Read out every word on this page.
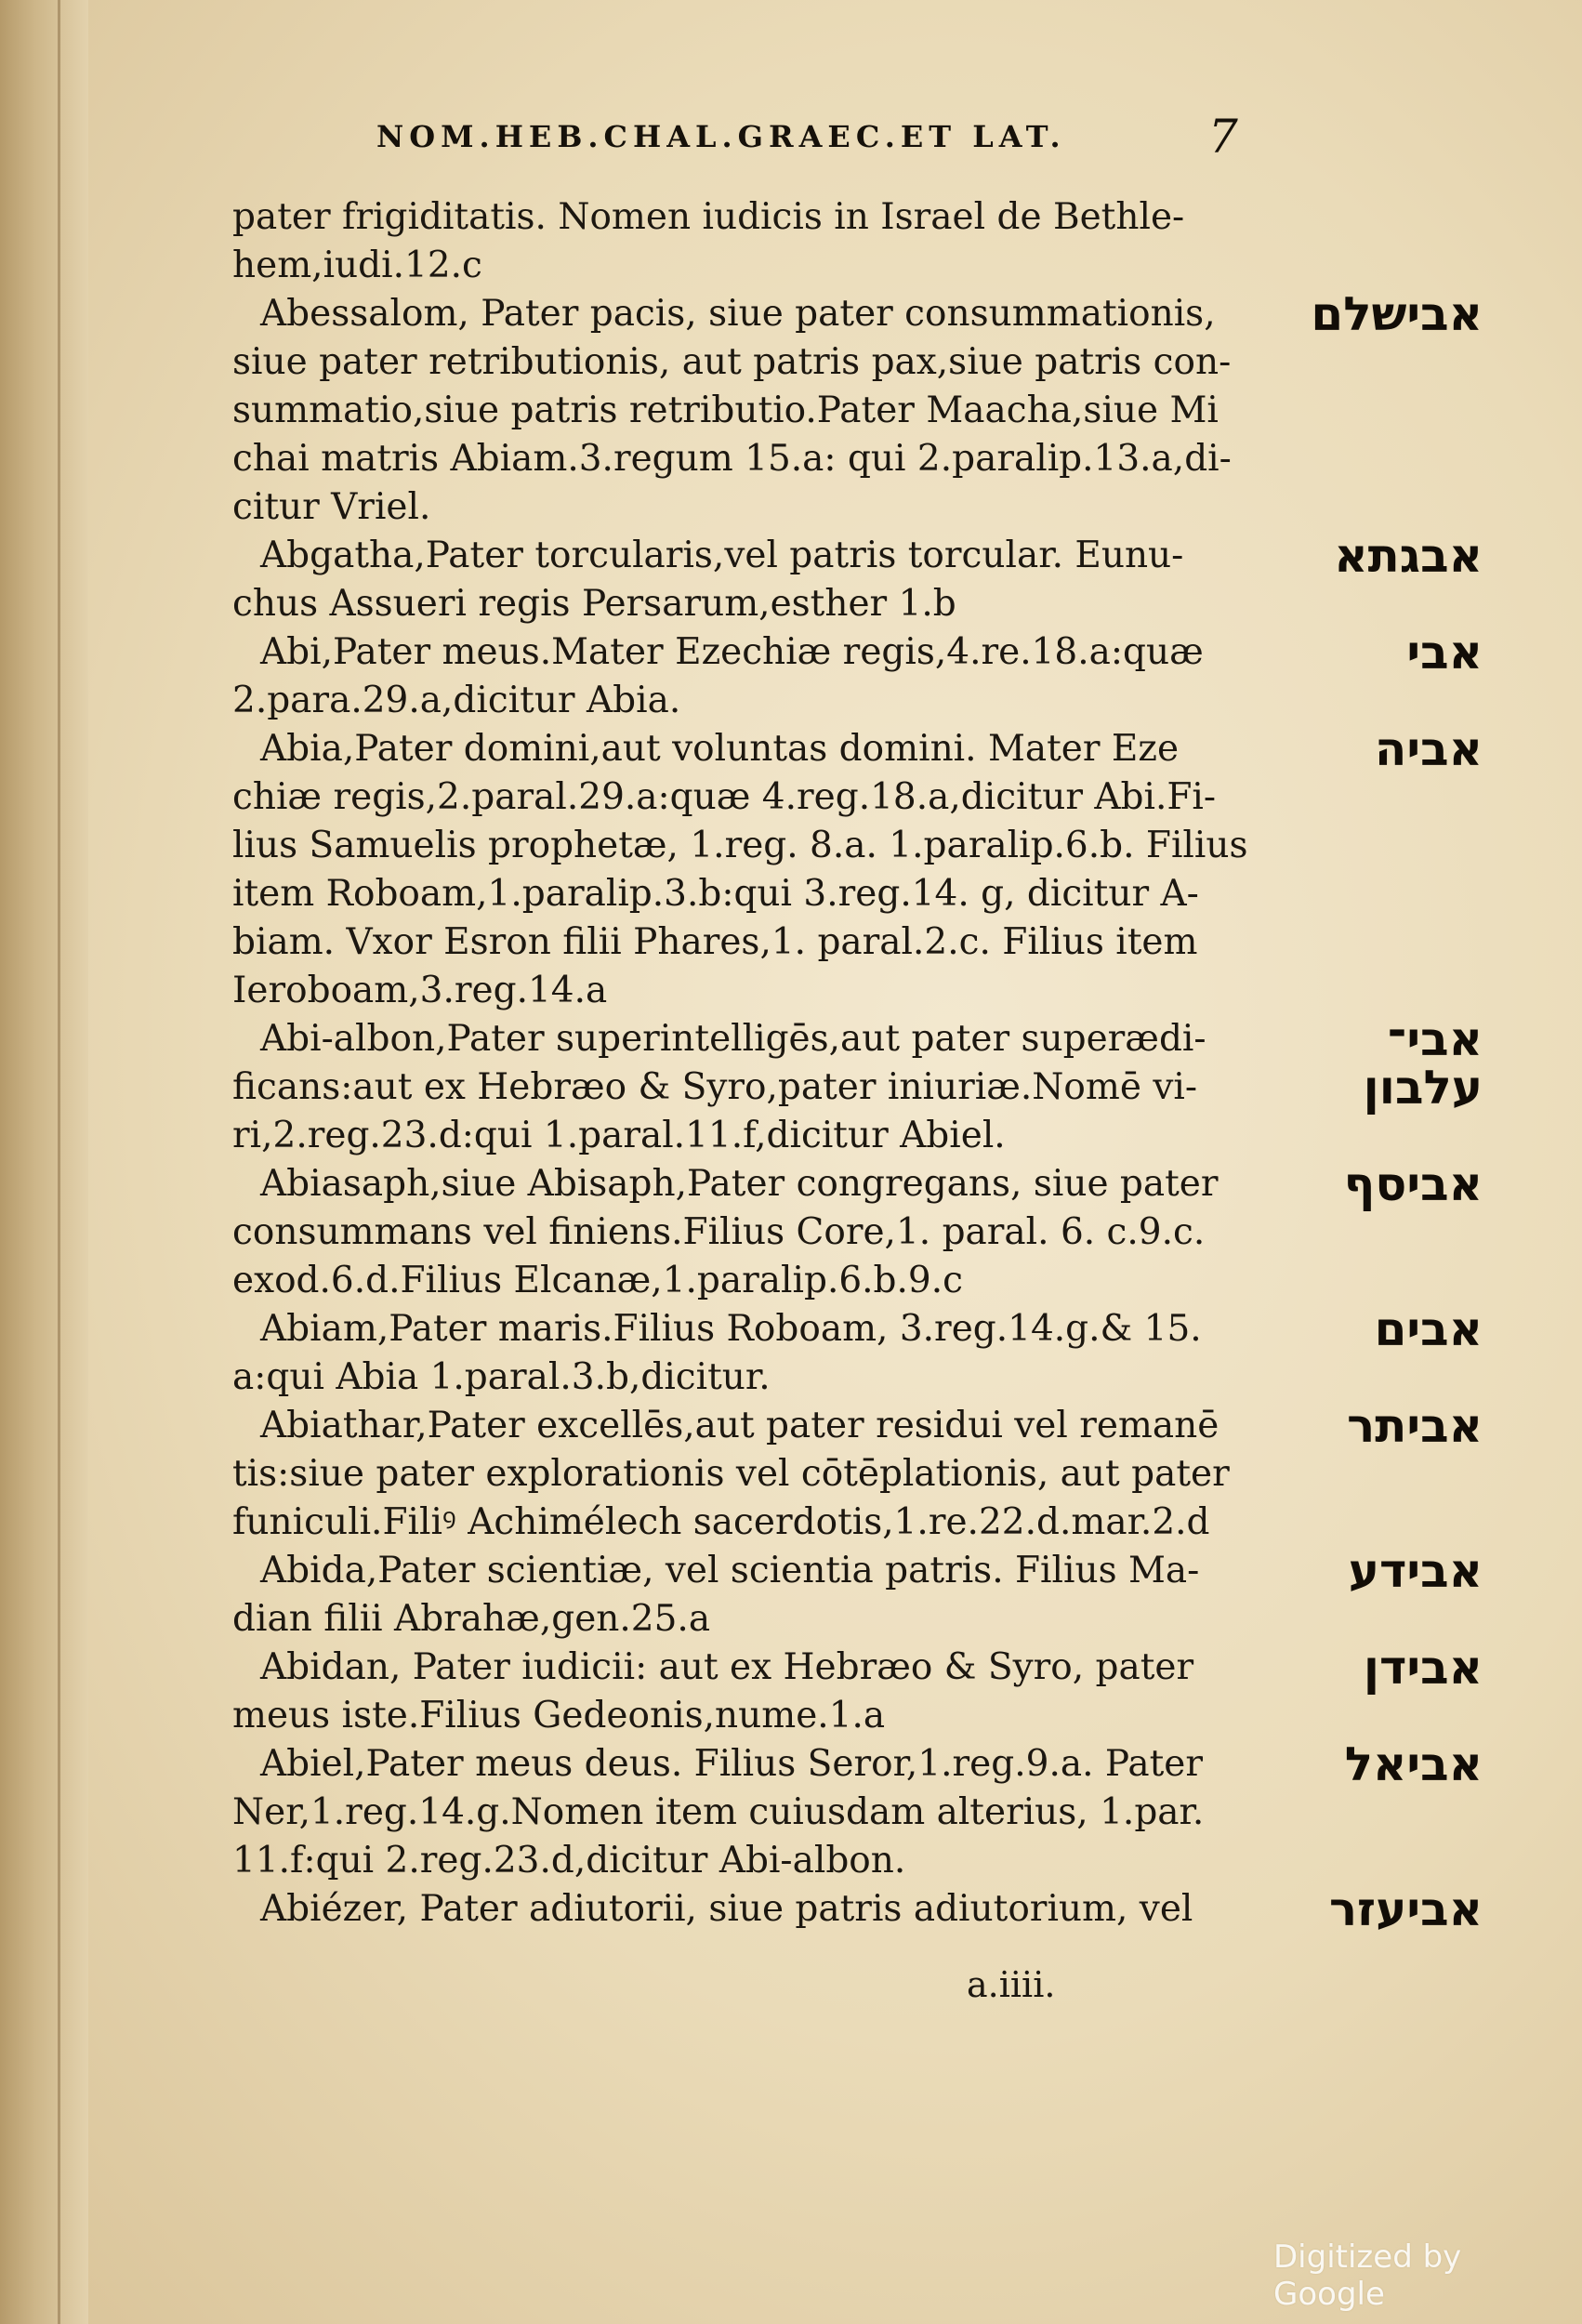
NOM.HEB.CHAL.GRAEC.ET LAT.	7
pater frigiditatis. Nomen iudicis in Israel de Bethle-
hem,iudi.12.c
Abessalom, Pater pacis, siue pater consummationis,
siue pater retributionis, aut patris pax,siue patris con-
summatio,siue patris retributio.Pater Maacha,siue Mi
chai matris Abiam.3.regum 15.a: qui 2.paralip.13.a,di-
citur Vriel.
Abgatha,Pater torcularis,vel patris torcular. Eunu-
chus Assueri regis Persarum,esther 1.b
Abi,Pater meus.Mater Ezechiæ regis,4.re.18.a:quæ
2.para.29.a,dicitur Abia.
Abia,Pater domini,aut voluntas domini. Mater Eze
chiæ regis,2.paral.29.a:quæ 4.reg.18.a,dicitur Abi.Fi-
lius Samuelis prophetæ, 1.reg. 8.a. 1.paralip.6.b. Filius
item Roboam,1.paralip.3.b:qui 3.reg.14. g, dicitur A-
biam. Vxor Esron filii Phares,1. paral.2.c. Filius item
Ieroboam,3.reg.14.a
Abi-albon,Pater superintelligēs,aut pater superædi-
ficans:aut ex Hebræo & Syro,pater iniuriæ.Nomē vi-
ri,2.reg.23.d:qui 1.paral.11.f,dicitur Abiel.
Abiasaph,siue Abisaph,Pater congregans, siue pater
consummans vel finiens.Filius Core,1. paral. 6. c.9.c.
exod.6.d.Filius Elcanæ,1.paralip.6.b.9.c
Abiam,Pater maris.Filius Roboam, 3.reg.14.g.& 15.
a:qui Abia 1.paral.3.b,dicitur.
Abiathar,Pater excellēs,aut pater residui vel remanē
tis:siue pater explorationis vel cōtēplationis, aut pater
funiculi.Filiꝰ Achimélech sacerdotis,1.re.22.d.mar.2.d
Abida,Pater scientiæ, vel scientia patris. Filius Ma-
dian filii Abrahæ,gen.25.a
Abidan, Pater iudicii: aut ex Hebræo & Syro, pater
meus iste.Filius Gedeonis,nume.1.a
Abiel,Pater meus deus. Filius Seror,1.reg.9.a. Pater
Ner,1.reg.14.g.Nomen item cuiusdam alterius, 1.par.
11.f:qui 2.reg.23.d,dicitur Abi-albon.
Abiézer, Pater adiutorii, siue patris adiutorium, vel
אבישלם
אבגתא
אבי
אביה
אבי־
עלבון
אביסף
אבים
אביתר
אבידע
אבידן
אביאל
אביעזר
a.iiii.
Digitized by Google
